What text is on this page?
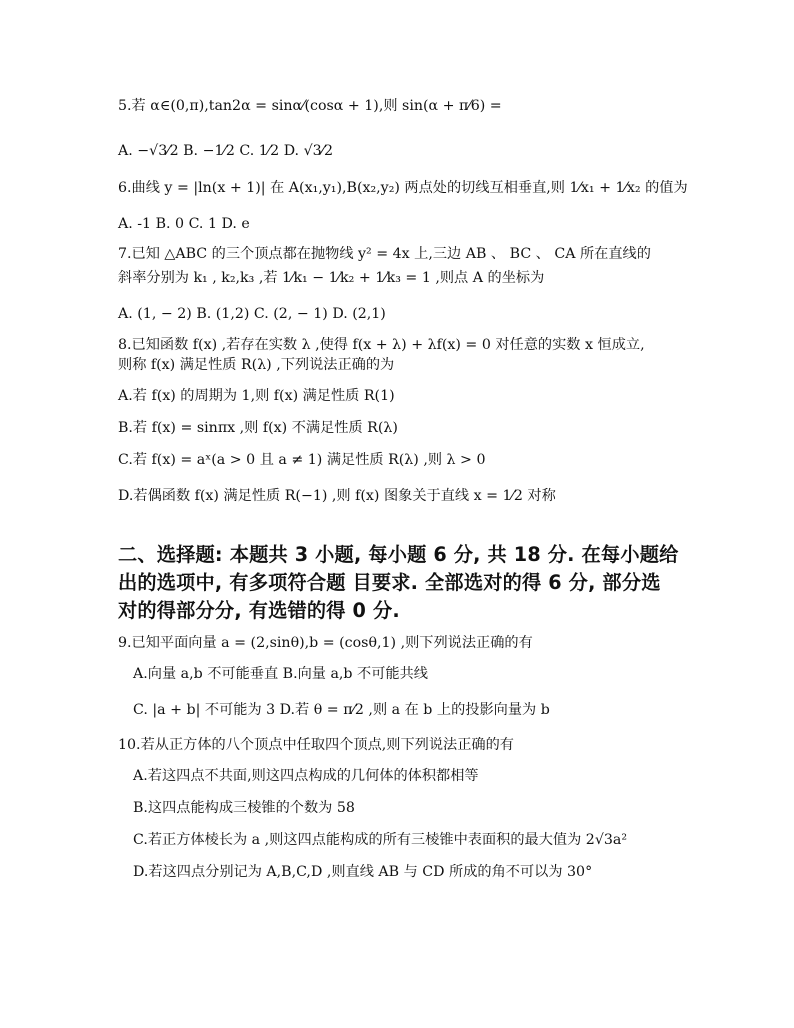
5.若 α∈(0,π),tan2α = sinα⁄(cosα + 1),则 sin(α + π⁄6) =
A. −√3⁄2 B. −1⁄2 C. 1⁄2 D. √3⁄2
6.曲线 y = |ln(x + 1)| 在 A(x₁,y₁),B(x₂,y₂) 两点处的切线互相垂直,则 1⁄x₁ + 1⁄x₂ 的值为
A. -1 B. 0 C. 1 D. e
7.已知 △ABC 的三个顶点都在抛物线 y² = 4x 上,三边 AB 、 BC 、 CA 所在直线的
斜率分别为 k₁ , k₂,k₃ ,若 1⁄k₁ − 1⁄k₂ + 1⁄k₃ = 1 ,则点 A 的坐标为
A. (1, − 2) B. (1,2) C. (2, − 1) D. (2,1)
8.已知函数 f(x) ,若存在实数 λ ,使得 f(x + λ) + λf(x) = 0 对任意的实数 x 恒成立,
则称 f(x) 满足性质 R(λ) ,下列说法正确的为
A.若 f(x) 的周期为 1,则 f(x) 满足性质 R(1)
B.若 f(x) = sinπx ,则 f(x) 不满足性质 R(λ)
C.若 f(x) = aˣ(a > 0 且 a ≠ 1) 满足性质 R(λ) ,则 λ > 0
D.若偶函数 f(x) 满足性质 R(−1) ,则 f(x) 图象关于直线 x = 1⁄2 对称
二、选择题: 本题共 3 小题, 每小题 6 分, 共 18 分. 在每小题给
出的选项中, 有多项符合题 目要求. 全部选对的得 6 分, 部分选
对的得部分分, 有选错的得 0 分.
9.已知平面向量 a = (2,sinθ),b = (cosθ,1) ,则下列说法正确的有
A.向量 a,b 不可能垂直 B.向量 a,b 不可能共线
C. |a + b| 不可能为 3 D.若 θ = π⁄2 ,则 a 在 b 上的投影向量为 b
10.若从正方体的八个顶点中任取四个顶点,则下列说法正确的有
A.若这四点不共面,则这四点构成的几何体的体积都相等
B.这四点能构成三棱锥的个数为 58
C.若正方体棱长为 a ,则这四点能构成的所有三棱锥中表面积的最大值为 2√3a²
D.若这四点分别记为 A,B,C,D ,则直线 AB 与 CD 所成的角不可以为 30°
